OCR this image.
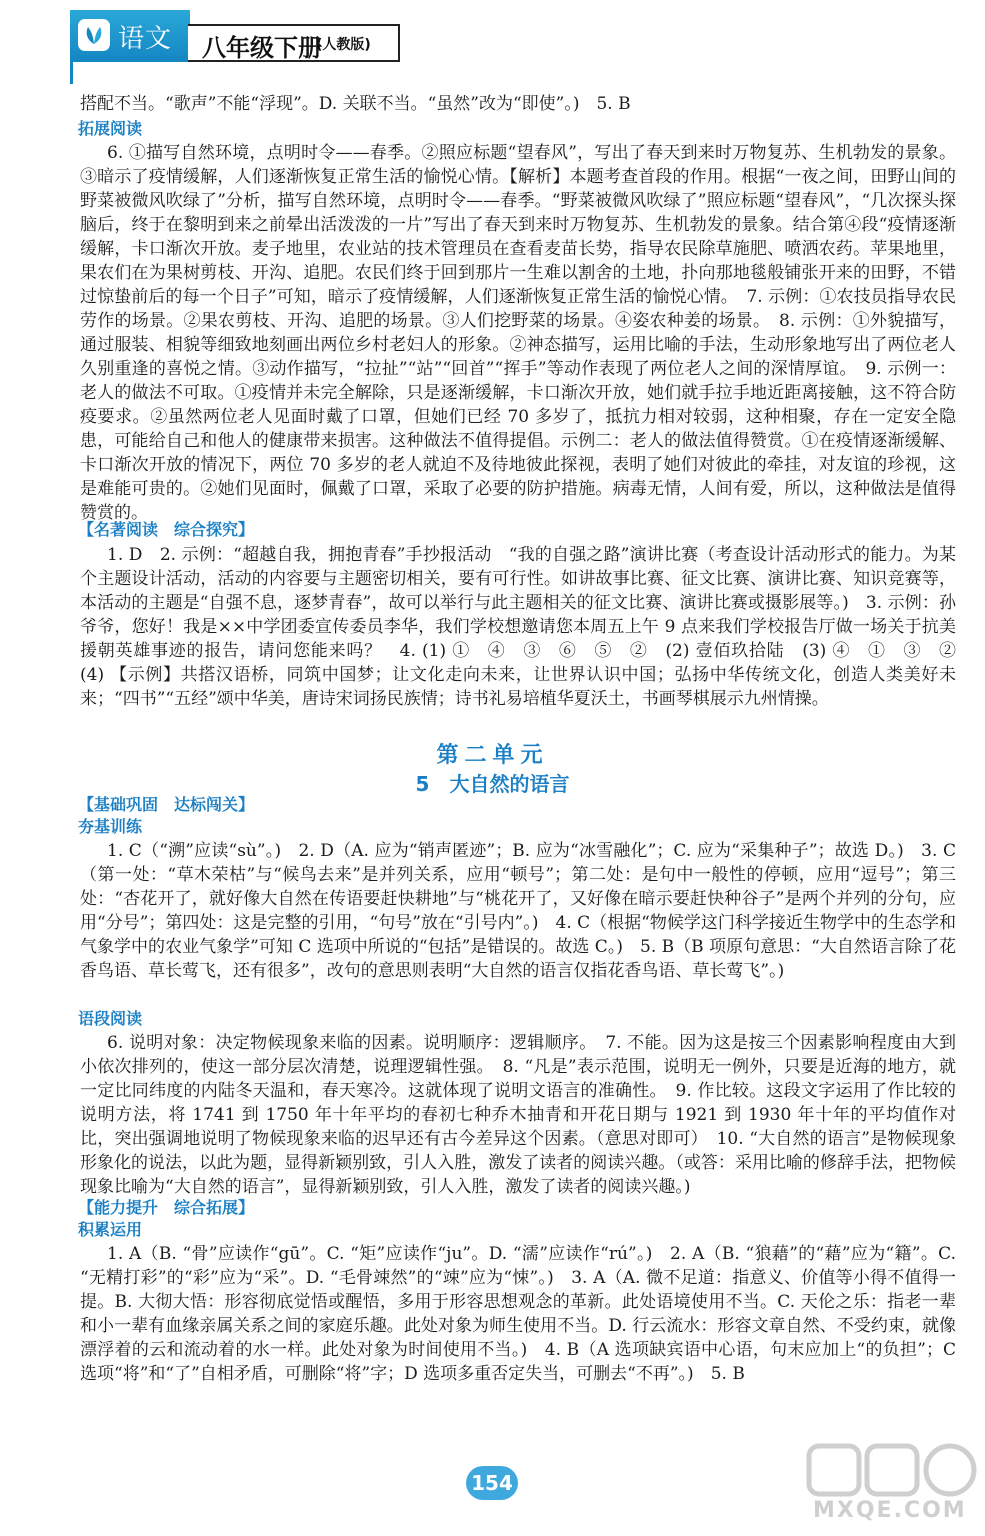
语文 八年级下册
(人教版)
搭配不当。“歌声”不能“浮现”。D. 关联不当。“虽然”改为“即使”。)　5. B
拓展阅读
6. ①描写自然环境，点明时令——春季。②照应标题“望春风”，写出了春天到来时万物复苏、生机勃发的景象。③暗示了疫情缓解，人们逐渐恢复正常生活的愉悦心情。【解析】本题考查首段的作用。根据“一夜之间，田野山间的野菜被微风吹绿了”分析，描写自然环境，点明时令——春季。“野菜被微风吹绿了”照应标题“望春风”，“几次探头探脑后，终于在黎明到来之前晕出活泼泼的一片”写出了春天到来时万物复苏、生机勃发的景象。结合第④段“疫情逐渐缓解，卡口渐次开放。麦子地里，农业站的技术管理员在查看麦苗长势，指导农民除草施肥、喷洒农药。苹果地里，果农们在为果树剪枝、开沟、追肥。农民们终于回到那片一生难以割舍的土地，扑向那地毯般铺张开来的田野，不错过惊蛰前后的每一个日子”可知，暗示了疫情缓解，人们逐渐恢复正常生活的愉悦心情。　7. 示例：①农技员指导农民劳作的场景。②果农剪枝、开沟、追肥的场景。③人们挖野菜的场景。④姿农种姜的场景。　8. 示例：①外貌描写，通过服装、相貌等细致地刻画出两位乡村老妇人的形象。②神态描写，运用比喻的手法，生动形象地写出了两位老人久别重逢的喜悦之情。③动作描写，“拉扯”“站”“回首”“挥手”等动作表现了两位老人之间的深情厚谊。　9. 示例一：老人的做法不可取。①疫情并未完全解除，只是逐渐缓解，卡口渐次开放，她们就手拉手地近距离接触，这不符合防疫要求。②虽然两位老人见面时戴了口罩，但她们已经 70 多岁了，抵抗力相对较弱，这种相聚，存在一定安全隐患，可能给自己和他人的健康带来损害。这种做法不值得提倡。示例二：老人的做法值得赞赏。①在疫情逐渐缓解、卡口渐次开放的情况下，两位 70 多岁的老人就迫不及待地彼此探视，表明了她们对彼此的牵挂，对友谊的珍视，这是难能可贵的。②她们见面时，佩戴了口罩，采取了必要的防护措施。病毒无情，人间有爱，所以，这种做法是值得赞赏的。
【名著阅读　综合探究】
1. D　2. 示例：“超越自我，拥抱青春”手抄报活动　“我的自强之路”演讲比赛（考查设计活动形式的能力。为某个主题设计活动，活动的内容要与主题密切相关，要有可行性。如讲故事比赛、征文比赛、演讲比赛、知识竞赛等，本活动的主题是“自强不息，逐梦青春”，故可以举行与此主题相关的征文比赛、演讲比赛或摄影展等。)　3. 示例：孙爷爷，您好！我是××中学团委宣传委员李华，我们学校想邀请您本周五上午 9 点来我们学校报告厅做一场关于抗美援朝英雄事迹的报告，请问您能来吗？　4. (1) ①　④　③　⑥　⑤　②　(2) 壹佰玖拾陆　(3) ④　①　③　②　(4) 【示例】共搭汉语桥，同筑中国梦；让文化走向未来，让世界认识中国；弘扬中华传统文化，创造人类美好未来；“四书”“五经”颂中华美，唐诗宋词扬民族情；诗书礼易培植华夏沃土，书画琴棋展示九州情操。
第二单元
5　大自然的语言
【基础巩固　达标闯关】
夯基训练
1. C（“溯”应读“sù”。)　2. D（A. 应为“销声匿迹”；B. 应为“冰雪融化”；C. 应为“采集种子”；故选 D。)　3. C（第一处：“草木荣枯”与“候鸟去来”是并列关系，应用“顿号”；第二处：是句中一般性的停顿，应用“逗号”；第三处：“杏花开了，就好像大自然在传语要赶快耕地”与“桃花开了，又好像在暗示要赶快种谷子”是两个并列的分句，应用“分号”；第四处：这是完整的引用，“句号”放在“引号内”。)　4. C（根据“物候学这门科学接近生物学中的生态学和气象学中的农业气象学”可知 C 选项中所说的“包括”是错误的。故选 C。)　5. B（B 项原句意思：“大自然语言除了花香鸟语、草长莺飞，还有很多”，改句的意思则表明“大自然的语言仅指花香鸟语、草长莺飞”。)
语段阅读
6. 说明对象：决定物候现象来临的因素。说明顺序：逻辑顺序。　7. 不能。因为这是按三个因素影响程度由大到小依次排列的，使这一部分层次清楚，说理逻辑性强。　8. “凡是”表示范围，说明无一例外，只要是近海的地方，就一定比同纬度的内陆冬天温和，春天寒冷。这就体现了说明文语言的准确性。　9. 作比较。这段文字运用了作比较的说明方法，将 1741 到 1750 年十年平均的春初七种乔木抽青和开花日期与 1921 到 1930 年十年的平均值作对比，突出强调地说明了物候现象来临的迟早还有古今差异这个因素。（意思对即可）　10. “大自然的语言”是物候现象形象化的说法，以此为题，显得新颖别致，引人入胜，激发了读者的阅读兴趣。（或答：采用比喻的修辞手法，把物候现象比喻为“大自然的语言”，显得新颖别致，引人入胜，激发了读者的阅读兴趣。)
【能力提升　综合拓展】
积累运用
1. A（B. “骨”应读作“gū”。C. “矩”应读作“ju”。D. “濡”应读作“rú”。)　2. A（B. “狼藉”的“藉”应为“籍”。C. “无精打彩”的“彩”应为“采”。D. “毛骨竦然”的“竦”应为“悚”。)　3. A（A. 微不足道：指意义、价值等小得不值得一提。B. 大彻大悟：形容彻底觉悟或醒悟，多用于形容思想观念的革新。此处语境使用不当。C. 天伦之乐：指老一辈和小一辈有血缘亲属关系之间的家庭乐趣。此处对象为师生使用不当。D. 行云流水：形容文章自然、不受约束，就像漂浮着的云和流动着的水一样。此处对象为时间使用不当。)　4. B（A 选项缺宾语中心语，句末应加上“的负担”；C 选项“将”和“了”自相矛盾，可删除“将”字；D 选项多重否定失当，可删去“不再”。)　5. B
154
MXQE.COM
